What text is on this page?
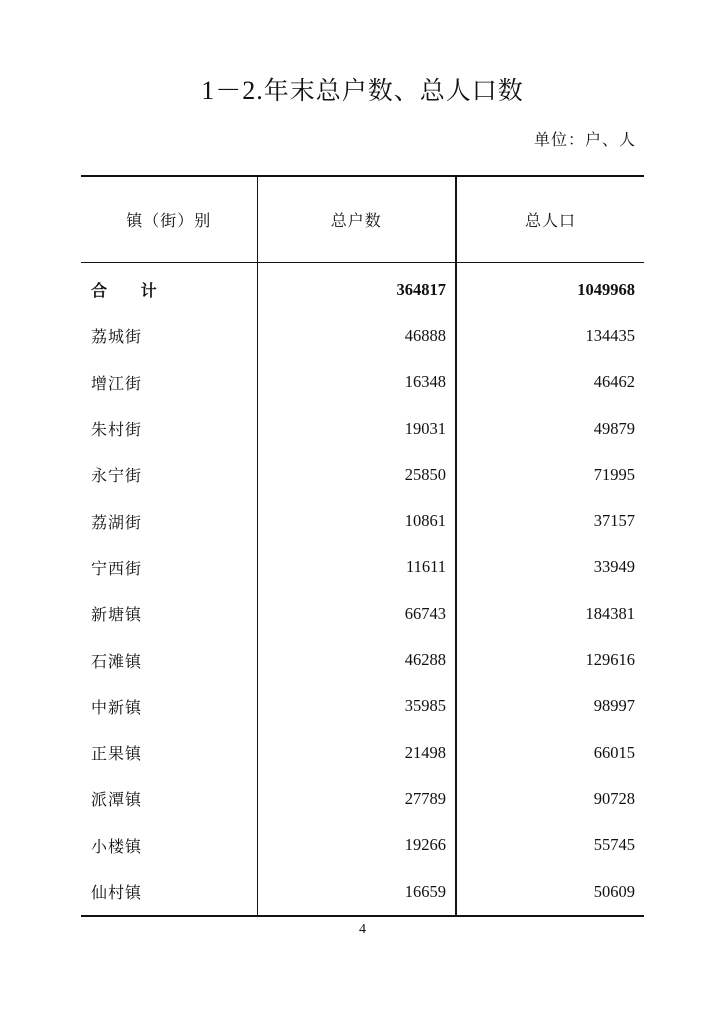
1－2.年末总户数、总人口数
单位：户、人
镇（街）别	总户数	总人口
合 计	364817	1049968
荔城街	46888	134435
增江街	16348	46462
朱村街	19031	49879
永宁街	25850	71995
荔湖街	10861	37157
宁西街	11611	33949
新塘镇	66743	184381
石滩镇	46288	129616
中新镇	35985	98997
正果镇	21498	66015
派潭镇	27789	90728
小楼镇	19266	55745
仙村镇	16659	50609
4
